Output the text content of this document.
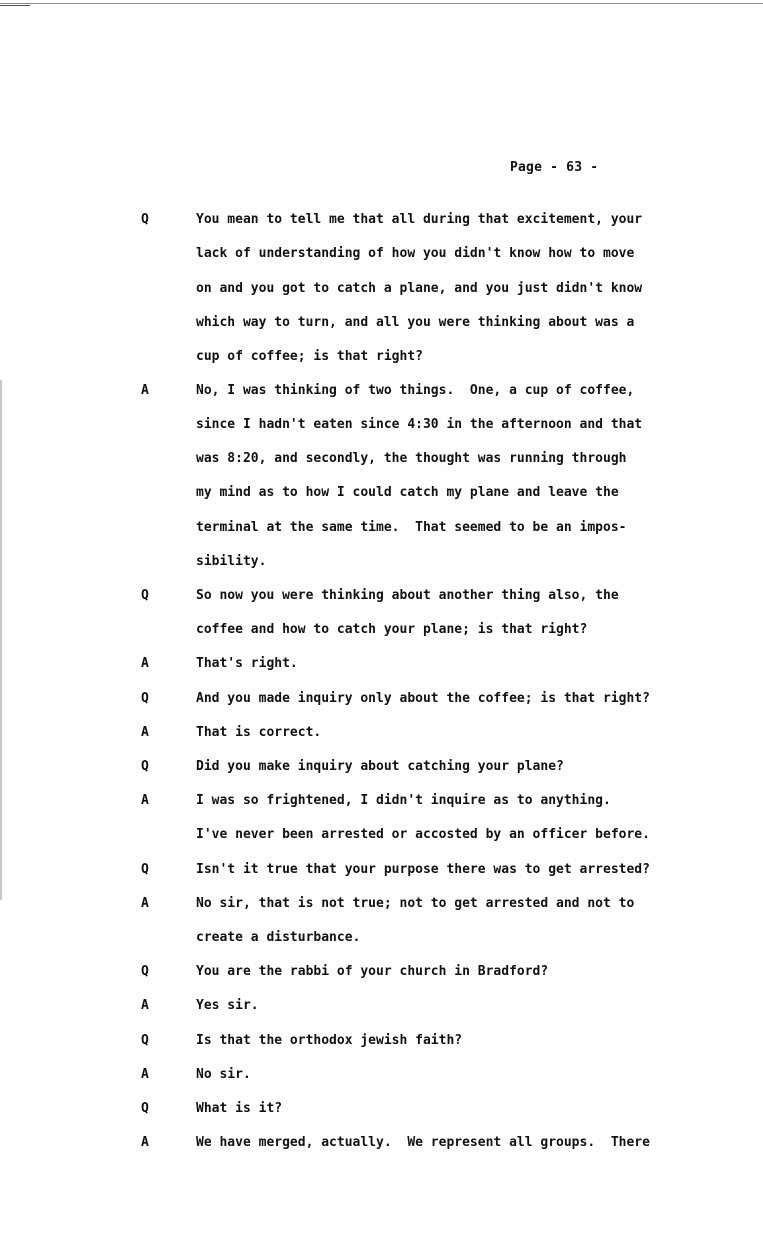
Page - 63 -
Q	You mean to tell me that all during that excitement, your
lack of understanding of how you didn't know how to move
on and you got to catch a plane, and you just didn't know
which way to turn, and all you were thinking about was a
cup of coffee; is that right?
A	No, I was thinking of two things.  One, a cup of coffee,
since I hadn't eaten since 4:30 in the afternoon and that
was 8:20, and secondly, the thought was running through
my mind as to how I could catch my plane and leave the
terminal at the same time.  That seemed to be an impos-
sibility.
Q	So now you were thinking about another thing also, the
coffee and how to catch your plane; is that right?
A	That's right.
Q	And you made inquiry only about the coffee; is that right?
A	That is correct.
Q	Did you make inquiry about catching your plane?
A	I was so frightened, I didn't inquire as to anything.
I've never been arrested or accosted by an officer before.
Q	Isn't it true that your purpose there was to get arrested?
A	No sir, that is not true; not to get arrested and not to
create a disturbance.
Q	You are the rabbi of your church in Bradford?
A	Yes sir.
Q	Is that the orthodox jewish faith?
A	No sir.
Q	What is it?
A	We have merged, actually.  We represent all groups.  There
